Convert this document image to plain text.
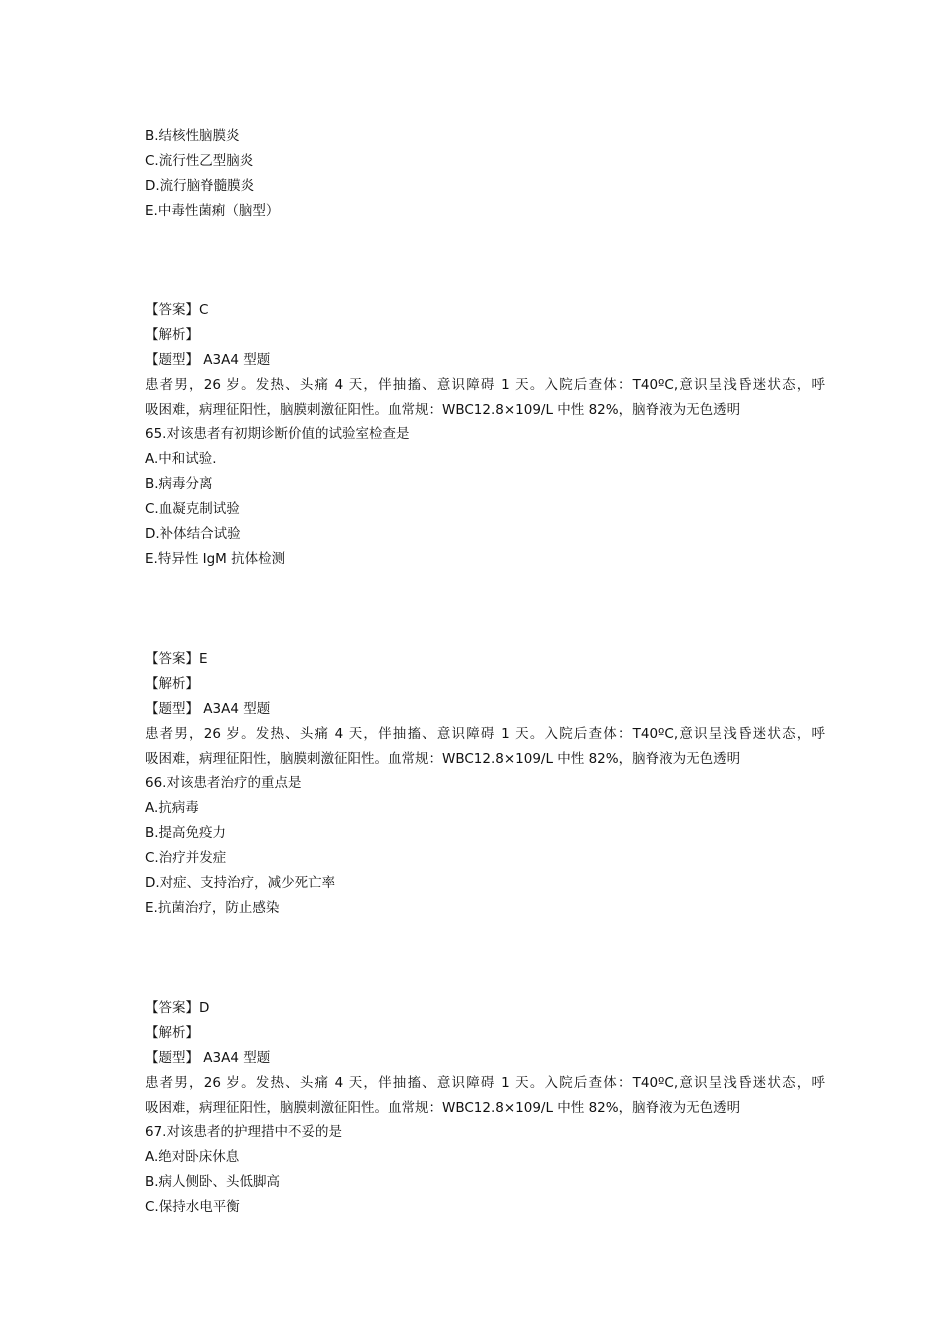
B.结核性脑膜炎
C.流行性乙型脑炎
D.流行脑脊髓膜炎
E.中毒性菌痢（脑型）
【答案】C
【解析】
【题型】 A3A4 型题
患者男，26 岁。发热、头痛 4 天，伴抽搐、意识障碍 1 天。入院后查体：T40ºC,意识呈浅昏迷状态，呼
吸困难，病理征阳性，脑膜刺激征阳性。血常规：WBC12.8×109/L 中性 82%，脑脊液为无色透明
65.对该患者有初期诊断价值的试验室检查是
A.中和试验.
B.病毒分离
C.血凝克制试验
D.补体结合试验
E.特异性 IgM 抗体检测
【答案】E
【解析】
【题型】 A3A4 型题
患者男，26 岁。发热、头痛 4 天，伴抽搐、意识障碍 1 天。入院后查体：T40ºC,意识呈浅昏迷状态，呼
吸困难，病理征阳性，脑膜刺激征阳性。血常规：WBC12.8×109/L 中性 82%，脑脊液为无色透明
66.对该患者治疗的重点是
A.抗病毒
B.提高免疫力
C.治疗并发症
D.对症、支持治疗，减少死亡率
E.抗菌治疗，防止感染
【答案】D
【解析】
【题型】 A3A4 型题
患者男，26 岁。发热、头痛 4 天，伴抽搐、意识障碍 1 天。入院后查体：T40ºC,意识呈浅昏迷状态，呼
吸困难，病理征阳性，脑膜刺激征阳性。血常规：WBC12.8×109/L 中性 82%，脑脊液为无色透明
67.对该患者的护理措中不妥的是
A.绝对卧床休息
B.病人侧卧、头低脚高
C.保持水电平衡
